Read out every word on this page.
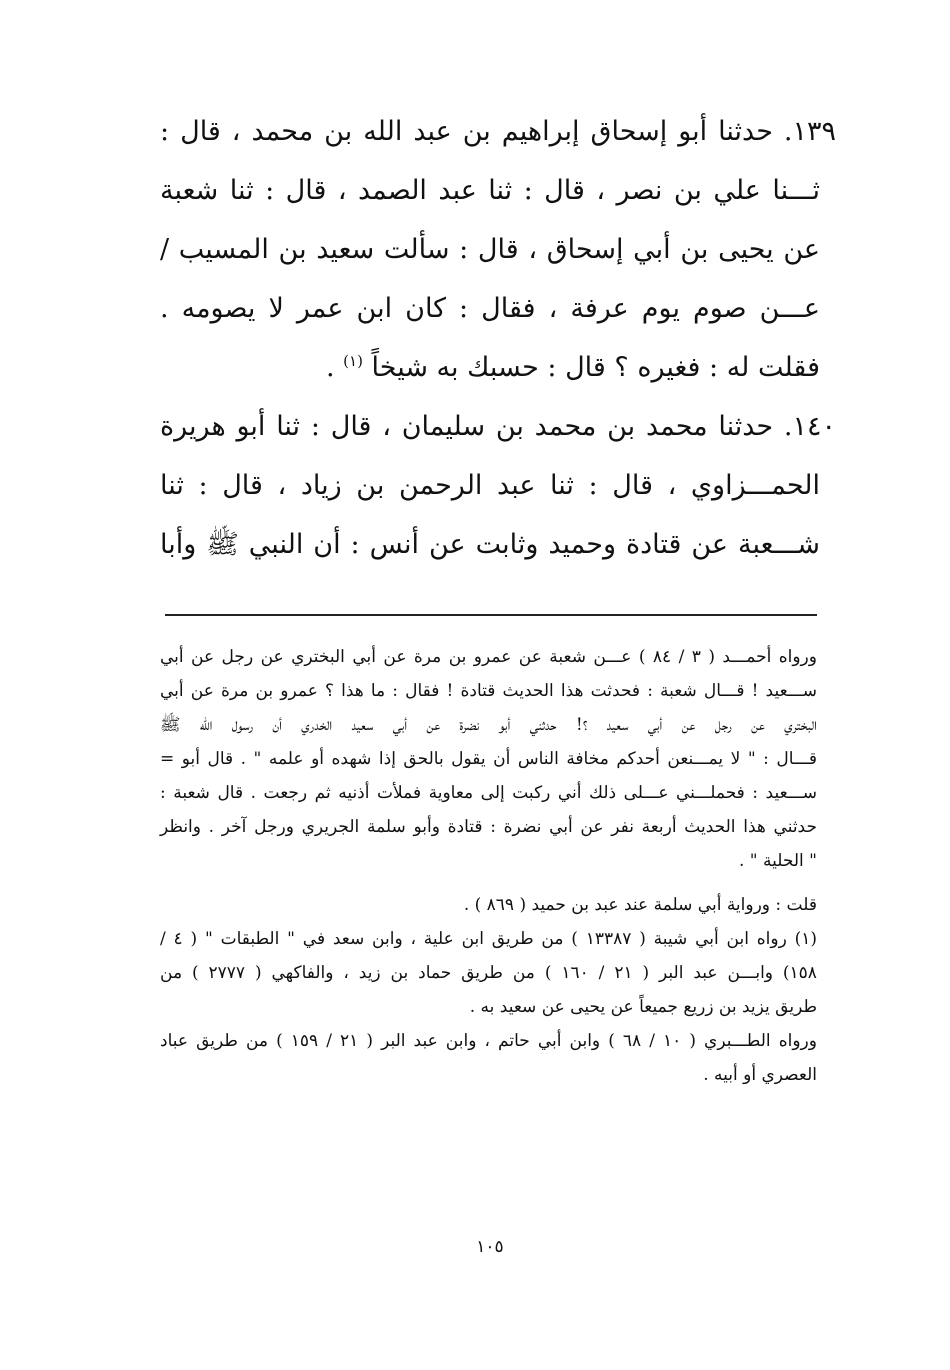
١٣٩. حدثنا أبو إسحاق إبراهيم بن عبد الله بن محمد ، قال :
ثـــنا علي بن نصر ، قال : ثنا عبد الصمد ، قال : ثنا شعبة
عن يحيى بن أبي إسحاق ، قال : سألت سعيد بن المسيب /
عـــن صوم يوم عرفة ، فقال : كان ابن عمر لا يصومه .
فقلت له : فغيره ؟ قال : حسبك به شيخاً $^{(١)}$ .
١٤٠. حدثنا محمد بن محمد بن سليمان ، قال : ثنا أبو هريرة
الحمـــزاوي ، قال : ثنا عبد الرحمن بن زياد ، قال : ثنا
شـــعبة عن قتادة وحميد وثابت عن أنس : أن النبي ﷺ وأبا
ورواه أحمـــد ( ٣ / ٨٤ ) عـــن شعبة عن عمرو بن مرة عن أبي البختري عن رجل عن أبي
ســـعيد ! قـــال شعبة : فحدثت هذا الحديث قتادة ! فقال : ما هذا ؟ عمرو بن مرة عن أبي
البختري عن رجل عن أبي سعيد ؟! حدثني أبو نضرة عن أبي سعيد الخدري أن رسول الله ﷺ
قـــال : " لا يمـــنعن أحدكم مخافة الناس أن يقول بالحق إذا شهده أو علمه " . قال أبو =
ســـعيد : فحملـــني عـــلى ذلك أني ركبت إلى معاوية فملأت أذنيه ثم رجعت . قال شعبة :
حدثني هذا الحديث أربعة نفر عن أبي نضرة : قتادة وأبو سلمة الجريري ورجل آخر . وانظر
" الحلية " .
قلت : ورواية أبي سلمة عند عبد بن حميد ( ٨٦٩ ) .
(١) رواه ابن أبي شيبة ( ١٣٣٨٧ ) من طريق ابن علية ، وابن سعد في " الطبقات " ( ٤ /
١٥٨) وابـــن عبد البر ( ٢١ / ١٦٠ ) من طريق حماد بن زيد ، والفاكهي ( ٢٧٧٧ ) من
طريق يزيد بن زريع جميعاً عن يحيى عن سعيد به .
ورواه الطـــبري ( ١٠ / ٦٨ ) وابن أبي حاتم ، وابن عبد البر ( ٢١ / ١٥٩ ) من طريق عباد
العصري أو أبيه .
١٠٥
